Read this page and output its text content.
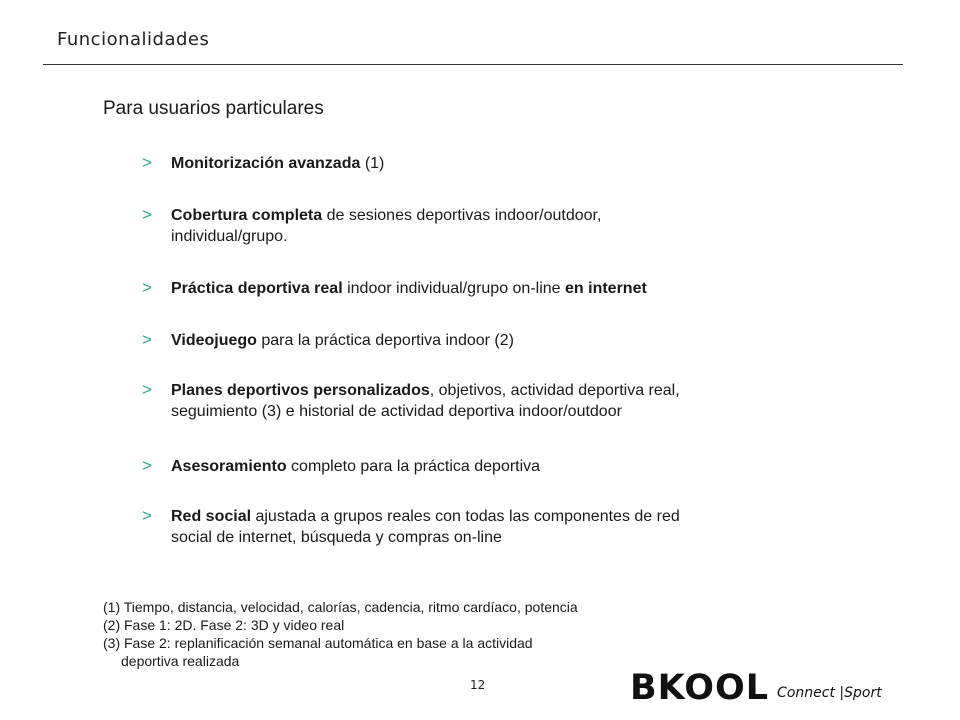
Funcionalidades
Para usuarios particulares
> Monitorización avanzada (1)
> Cobertura completa de sesiones deportivas indoor/outdoor,
individual/grupo.
> Práctica deportiva real indoor individual/grupo on-line en internet
> Videojuego para la práctica deportiva indoor (2)
> Planes deportivos personalizados, objetivos, actividad deportiva real,
seguimiento (3) e historial de actividad deportiva indoor/outdoor
> Asesoramiento completo para la práctica deportiva
> Red social ajustada a grupos reales con todas las componentes de red
social de internet, búsqueda y compras on-line
(1) Tiempo, distancia, velocidad, calorías, cadencia, ritmo cardíaco, potencia
(2) Fase 1: 2D. Fase 2: 3D y video real
(3) Fase 2: replanificación semanal automática en base a la actividad
deportiva realizada
12	BKOOL Connect |Sport
